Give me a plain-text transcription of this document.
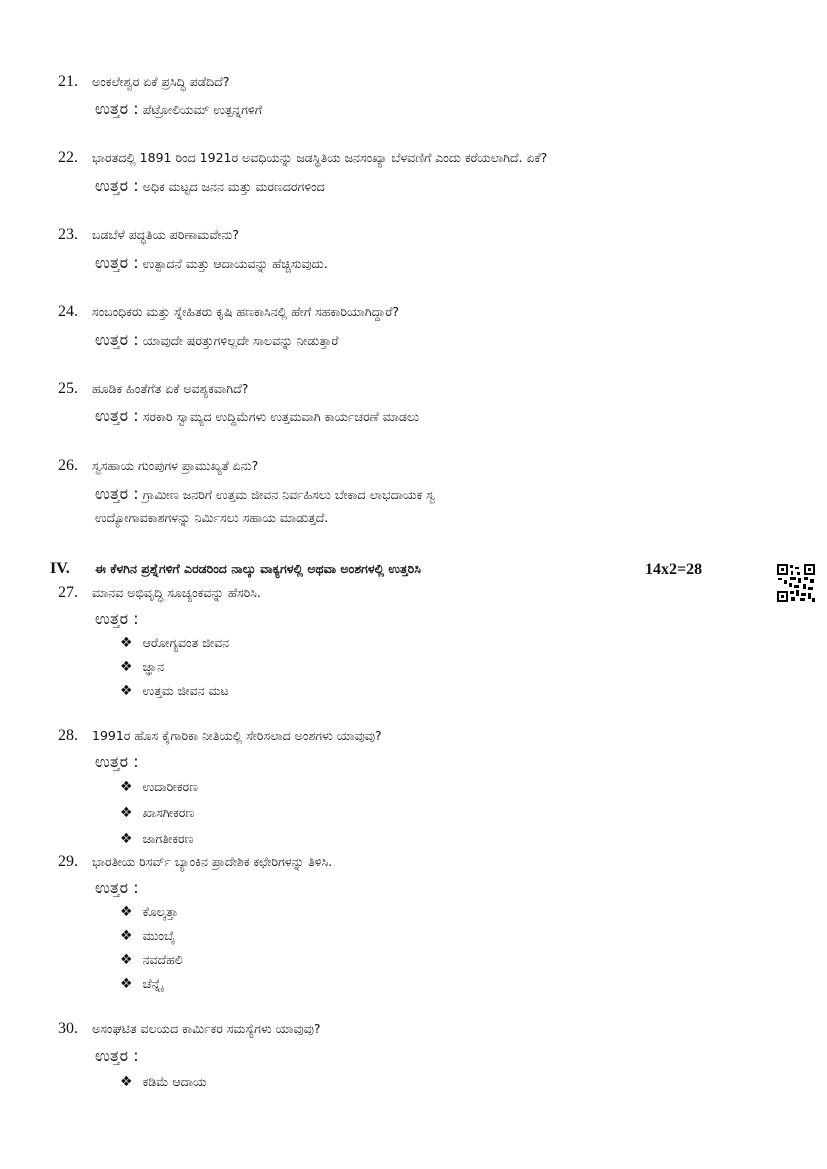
21. ಅಂಕಲೇಶ್ವರ ಏಕೆ ಪ್ರಸಿದ್ಧಿ ಪಡೆದಿದೆ?
ಉತ್ತರ : ಪೆಟ್ರೋಲಿಯಮ್ ಉತ್ಪನ್ನಗಳಿಗೆ
22. ಭಾರತದಲ್ಲಿ 1891 ರಿಂದ 1921ರ ಅವಧಿಯನ್ನು ಜಡಸ್ಥಿತಿಯ ಜನಸಂಖ್ಯಾ ಬೆಳವಣಿಗೆ ಎಂದು ಕರೆಯಲಾಗಿದೆ. ಏಕೆ?
ಉತ್ತರ : ಅಧಿಕ ಮಟ್ಟದ ಜನನ ಮತ್ತು ಮರಣದರಗಳಿಂದ
23. ಬಡಬೆಳೆ ಪದ್ಧತಿಯ ಪರಿಣಾಮವೇನು?
ಉತ್ತರ : ಉತ್ಪಾದನೆ ಮತ್ತು ಆದಾಯವನ್ನು ಹೆಚ್ಚಿಸುವುದು.
24. ಸಂಬಂಧಿಕರು ಮತ್ತು ಸ್ನೇಹಿತರು ಕೃಷಿ ಹಣಕಾಸಿನಲ್ಲಿ ಹೇಗೆ ಸಹಕಾರಿಯಾಗಿದ್ದಾರೆ?
ಉತ್ತರ : ಯಾವುದೇ ಷರತ್ತುಗಳಿಲ್ಲದೇ ಸಾಲವನ್ನು ನೀಡುತ್ತಾರೆ
25. ಹೂಡಿಕ ಹಿಂತೆಗೆತ ಏಕೆ ಅವಶ್ಯಕವಾಗಿದೆ?
ಉತ್ತರ : ಸರಕಾರಿ ಸ್ವಾಮ್ಯದ ಉದ್ದಿಮೆಗಳು ಉತ್ತಮವಾಗಿ ಕಾರ್ಯಚರಣೆ ಮಾಡಲು
26. ಸ್ವಸಹಾಯ ಗುಂಪುಗಳ ಪ್ರಾಮುಖ್ಯತೆ ಏನು?
ಉತ್ತರ : ಗ್ರಾಮೀಣ ಜನರಿಗೆ ಉತ್ತಮ ಜೀವನ ನಿರ್ವಹಿಸಲು ಬೇಕಾದ ಲಾಭದಾಯಕ ಸ್ವ
ಉದ್ಯೋಗಾವಕಾಶಗಳನ್ನು ನಿರ್ಮಿಸಲು ಸಹಾಯ ಮಾಡುತ್ತದೆ.
IV. ಈ ಕೆಳಗಿನ ಪ್ರಶ್ನೆಗಳಿಗೆ ಎರಡರಿಂದ ನಾಲ್ಕು ವಾಕ್ಯಗಳಲ್ಲಿ ಅಥವಾ ಅಂಶಗಳಲ್ಲಿ ಉತ್ತರಿಸಿ	14x2=28
27. ಮಾನವ ಅಭಿವೃದ್ಧಿ ಸೂಚ್ಯಂಕವನ್ನು ಹೆಸರಿಸಿ.
ಉತ್ತರ :
❖ ಆರೋಗ್ಯವಂತ ಜೀವನ
❖ ಜ್ಞಾನ
❖ ಉತ್ತಮ ಜೀವನ ಮಟ
28. 1991ರ ಹೊಸ ಕೈಗಾರಿಕಾ ನೀತಿಯಲ್ಲಿ ಸೇರಿಸಲಾದ ಅಂಶಗಳು ಯಾವುವು?
ಉತ್ತರ :
❖ ಉದಾರೀಕರಣ
❖ ಖಾಸಗೀಕರಣ
❖ ಜಾಗತೀಕರಣ
29. ಭಾರತೀಯ ರಿಸರ್ವ್ ಬ್ಯಾಂಕಿನ ಪ್ರಾದೇಶಿಕ ಕಛೇರಿಗಳನ್ನು ತಿಳಿಸಿ.
ಉತ್ತರ :
❖ ಕೊಲ್ಕತ್ತಾ
❖ ಮುಂಬೈ
❖ ನವದೆಹಲಿ
❖ ಚೆನ್ನೈ
30. ಅಸಂಘಟಿತ ವಲಯದ ಕಾರ್ಮಿಕರ ಸಮಸ್ಯೆಗಳು ಯಾವುವು?
ಉತ್ತರ :
❖ ಕಡಿಮೆ ಆದಾಯ
